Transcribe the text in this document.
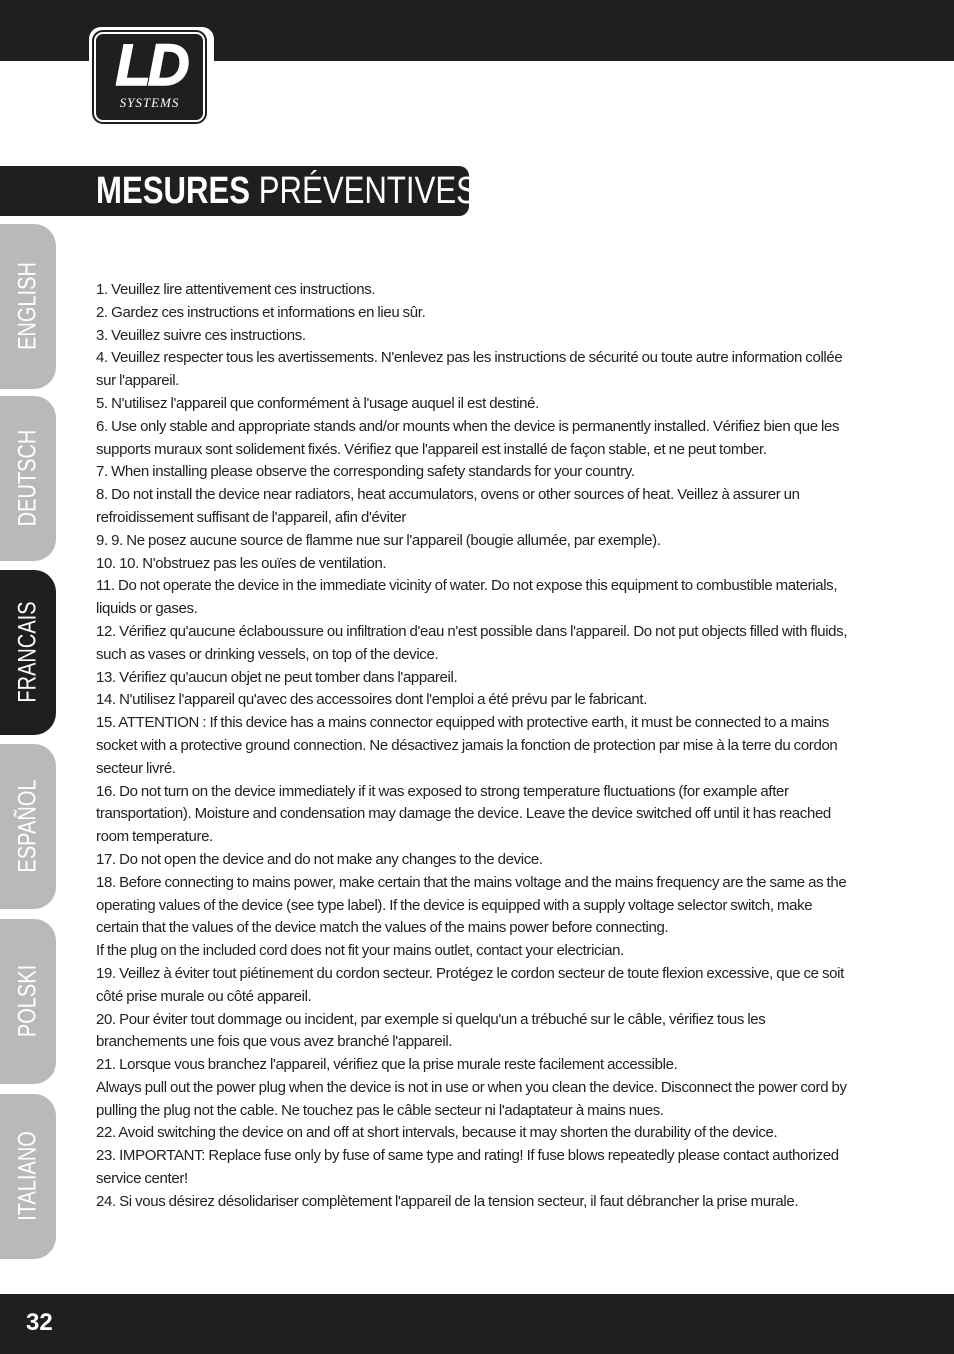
LD
SYSTEMS
MESURES PRÉVENTIVES :
ENGLISH
DEUTSCH
FRANCAIS
ESPAÑOL
POLSKI
ITALIANO

1. Veuillez lire attentivement ces instructions.

2. Gardez ces instructions et informations en lieu sûr.

3. Veuillez suivre ces instructions.

4. Veuillez respecter tous les avertissements. N'enlevez pas les instructions de sécurité ou toute autre information collée sur l'appareil.

5. N'utilisez l'appareil que conformément à l'usage auquel il est destiné.

6. Use only stable and appropriate stands and/or mounts when the device is permanently installed. Vérifiez bien que les supports muraux sont solidement fixés. Vérifiez que l'appareil est installé de façon stable, et ne peut tomber.

7. When installing please observe the corresponding safety standards for your country.

8. Do not install the device near radiators, heat accumulators, ovens or other sources of heat. Veillez à assurer un refroidissement suffisant de l'appareil, afin d'éviter

9. 9. Ne posez aucune source de flamme nue sur l'appareil (bougie allumée, par exemple).

10. 10. N'obstruez pas les ouïes de ventilation.

11. Do not operate the device in the immediate vicinity of water. Do not expose this equipment to combustible materials, liquids or gases.

12. Vérifiez qu'aucune éclaboussure ou infiltration d'eau n'est possible dans l'appareil. Do not put objects filled with fluids, such as vases or drinking vessels, on top of the device.

13. Vérifiez qu'aucun objet ne peut tomber dans l'appareil.

14. N'utilisez l'appareil qu'avec des accessoires dont l'emploi a été prévu par le fabricant.

15. ATTENTION : If this device has a mains connector equipped with protective earth, it must be connected to a mains socket with a protective ground connection. Ne désactivez jamais la fonction de protection par mise à la terre du cordon secteur livré.

16. Do not turn on the device immediately if it was exposed to strong temperature fluctuations (for example after transportation). Moisture and condensation may damage the device. Leave the device switched off until it has reached room temperature.

17. Do not open the device and do not make any changes to the device.

18. Before connecting to mains power, make certain that the mains voltage and the mains frequency are the same as the operating values of the device (see type label). If the device is equipped with a supply voltage selector switch, make certain that the values of the device match the values of the mains power before connecting.

If the plug on the included cord does not fit your mains outlet, contact your electrician.

19. Veillez à éviter tout piétinement du cordon secteur. Protégez le cordon secteur de toute flexion excessive, que ce soit côté prise murale ou côté appareil.

20. Pour éviter tout dommage ou incident, par exemple si quelqu'un a trébuché sur le câble, vérifiez tous les branchements une fois que vous avez branché l'appareil.

21. Lorsque vous branchez l'appareil, vérifiez que la prise murale reste facilement accessible.

Always pull out the power plug when the device is not in use or when you clean the device. Disconnect the power cord by pulling the plug not the cable. Ne touchez pas le câble secteur ni l'adaptateur à mains nues.

22. Avoid switching the device on and off at short intervals, because it may shorten the durability of the device.

23. IMPORTANT: Replace fuse only by fuse of same type and rating! If fuse blows repeatedly please contact authorized service center!

24. Si vous désirez désolidariser complètement l'appareil de la tension secteur, il faut débrancher la prise murale.

32
